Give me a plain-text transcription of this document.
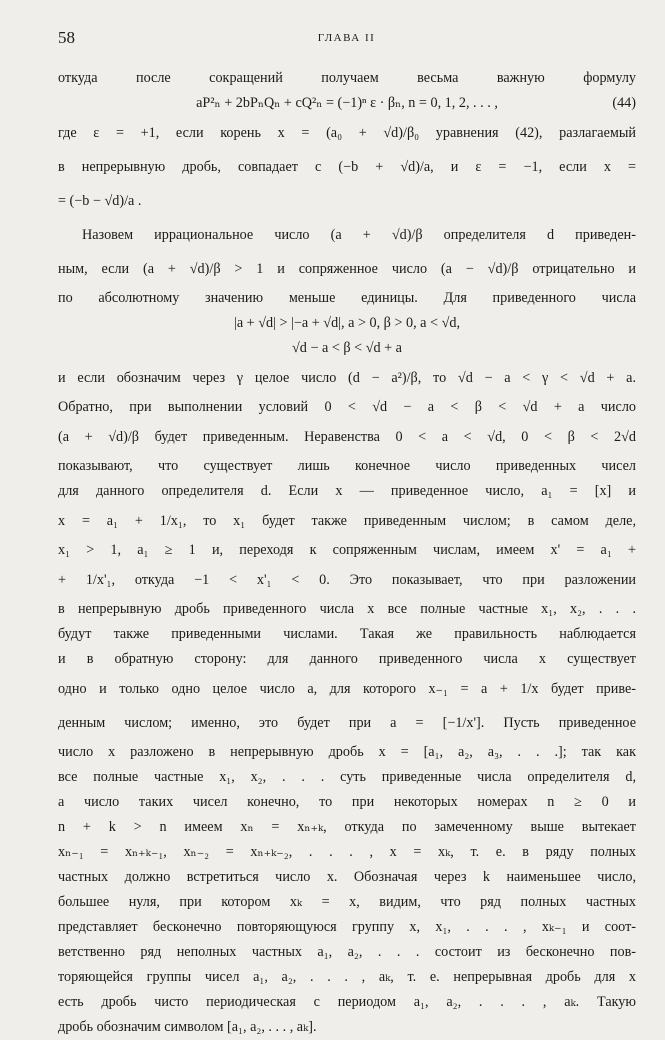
58	ГЛАВА II
откуда после сокращений получаем весьма важную формулу
aP²ₙ + 2bPₙQₙ + cQ²ₙ = (−1)ⁿ ε · βₙ, n = 0, 1, 2, . . . ,	(44)
где ε = +1, если корень x = (a₀ + √d)/β₀ уравнения (42), разлагаемый
в непрерывную дробь, совпадает с (−b + √d)/a, и ε = −1, если x =
= (−b − √d)/a .
Назовем иррациональное число (a + √d)/β определителя d приведен-
ным, если (a + √d)/β > 1 и сопряженное число (a − √d)/β отрицательно и
по абсолютному значению меньше единицы. Для приведенного числа
|a + √d| > |−a + √d|, a > 0, β > 0, a < √d,
√d − a < β < √d + a
и если обозначим через γ целое число (d − a²)/β, то √d − a < γ < √d + a.
Обратно, при выполнении условий 0 < √d − a < β < √d + a число
(a + √d)/β будет приведенным. Неравенства 0 < a < √d, 0 < β < 2√d
показывают, что существует лишь конечное число приведенных чисел
для данного определителя d. Если x — приведенное число, a₁ = [x] и
x = a₁ + 1/x₁, то x₁ будет также приведенным числом; в самом деле,
x₁ > 1, a₁ ≥ 1 и, переходя к сопряженным числам, имеем x' = a₁ +
+ 1/x'₁, откуда −1 < x'₁ < 0. Это показывает, что при разложении
в непрерывную дробь приведенного числа x все полные частные x₁, x₂, . . .
будут также приведенными числами. Такая же правильность наблюдается
и в обратную сторону: для данного приведенного числа x существует
одно и только одно целое число a, для которого x₋₁ = a + 1/x будет приве-
денным числом; именно, это будет при a = [−1/x']. Пусть приведенное
число x разложено в непрерывную дробь x = [a₁, a₂, a₃, . . .]; так как
все полные частные x₁, x₂, . . . суть приведенные числа определителя d,
а число таких чисел конечно, то при некоторых номерах n ≥ 0 и
n + k > n имеем xₙ = xₙ₊ₖ, откуда по замеченному выше вытекает
xₙ₋₁ = xₙ₊ₖ₋₁, xₙ₋₂ = xₙ₊ₖ₋₂, . . . , x = xₖ, т. е. в ряду полных
частных должно встретиться число x. Обозначая через k наименьшее число,
большее нуля, при котором xₖ = x, видим, что ряд полных частных
представляет бесконечно повторяющуюся группу x, x₁, . . . , xₖ₋₁ и соот-
ветственно ряд неполных частных a₁, a₂, . . . состоит из бесконечно пов-
торяющейся группы чисел a₁, a₂, . . . , aₖ, т. е. непрерывная дробь для x
есть дробь чисто периодическая с периодом a₁, a₂, . . . , aₖ. Такую
дробь обозначим символом [a₁, a₂, . . . , aₖ].
